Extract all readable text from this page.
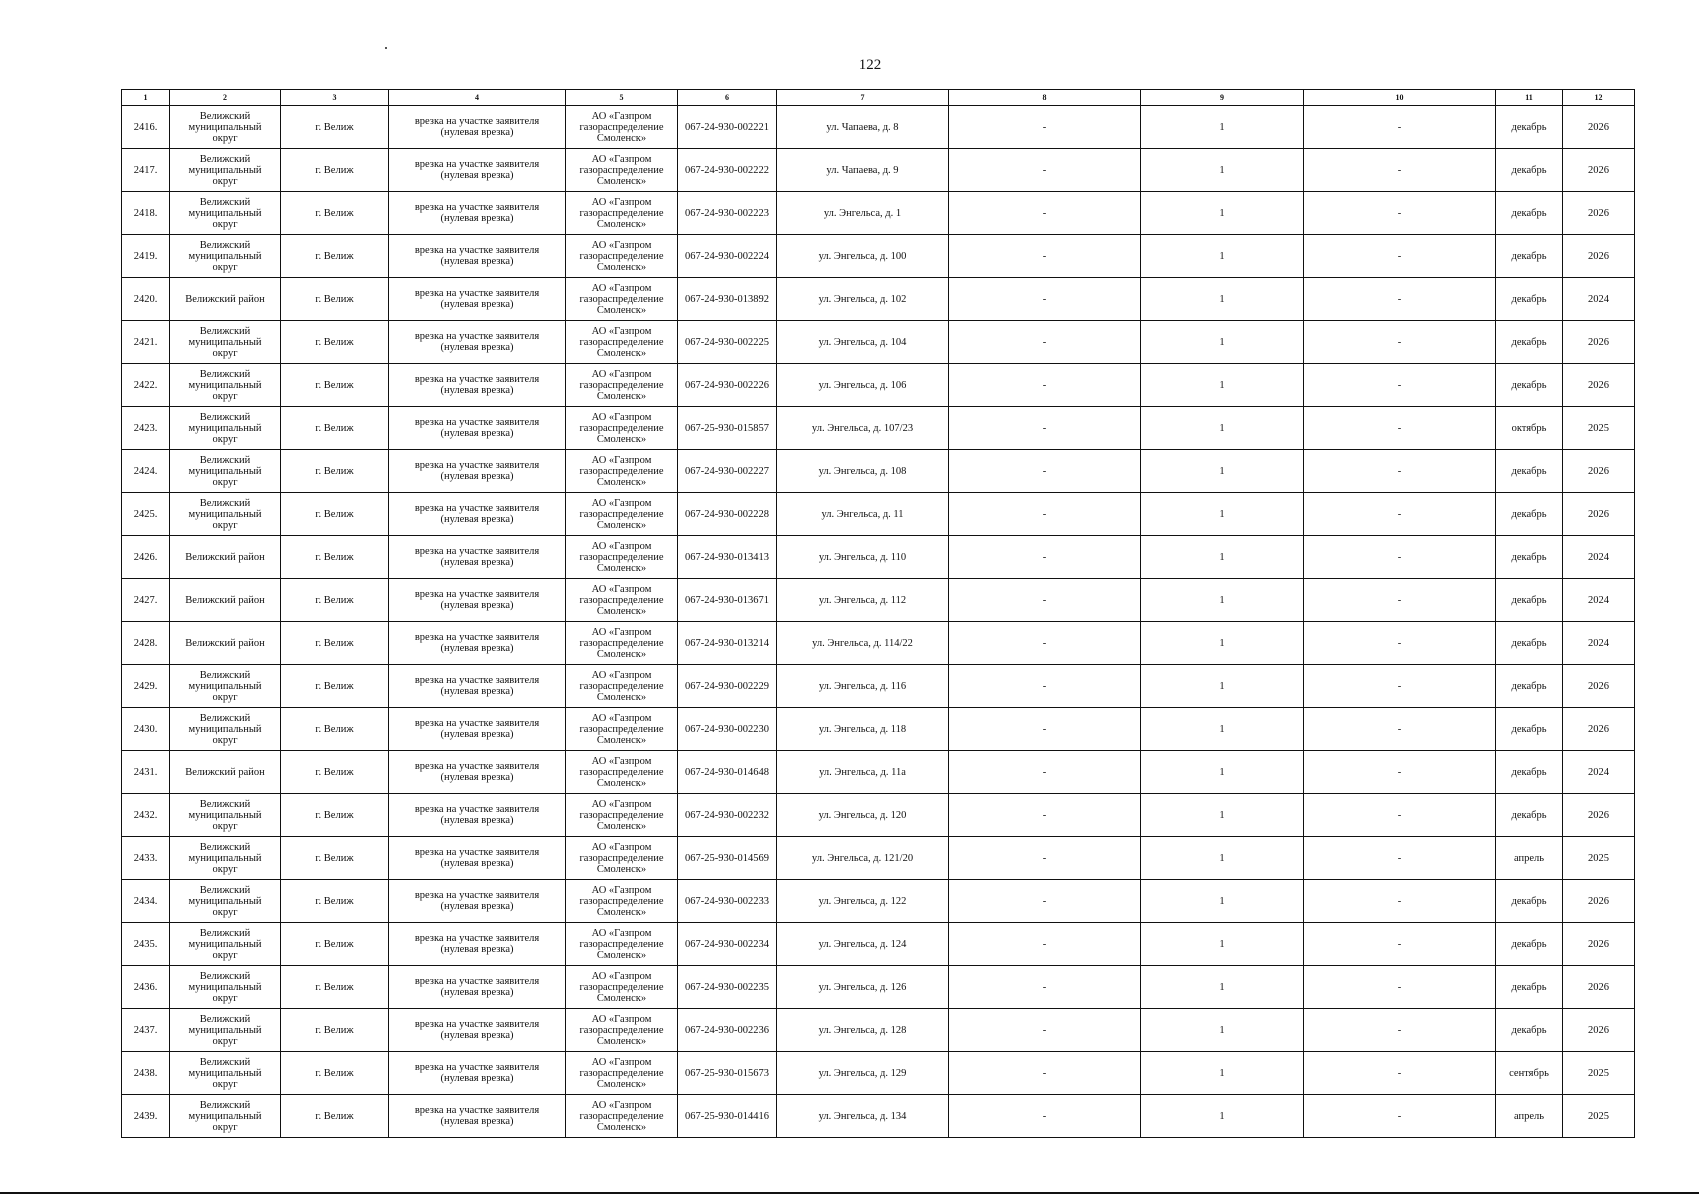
122
1	2	3	4	5	6	7	8	9	10	11	12
2416.	Велижский
муниципальный
округ	г. Велиж	врезка на участке заявителя
(нулевая врезка)	АО «Газпром
газораспределение
Смоленск»	067-24-930-002221	ул. Чапаева, д. 8	-	1	-	декабрь	2026
2417.	Велижский
муниципальный
округ	г. Велиж	врезка на участке заявителя
(нулевая врезка)	АО «Газпром
газораспределение
Смоленск»	067-24-930-002222	ул. Чапаева, д. 9	-	1	-	декабрь	2026
2418.	Велижский
муниципальный
округ	г. Велиж	врезка на участке заявителя
(нулевая врезка)	АО «Газпром
газораспределение
Смоленск»	067-24-930-002223	ул. Энгельса, д. 1	-	1	-	декабрь	2026
2419.	Велижский
муниципальный
округ	г. Велиж	врезка на участке заявителя
(нулевая врезка)	АО «Газпром
газораспределение
Смоленск»	067-24-930-002224	ул. Энгельса, д. 100	-	1	-	декабрь	2026
2420.	Велижский район	г. Велиж	врезка на участке заявителя
(нулевая врезка)	АО «Газпром
газораспределение
Смоленск»	067-24-930-013892	ул. Энгельса, д. 102	-	1	-	декабрь	2024
2421.	Велижский
муниципальный
округ	г. Велиж	врезка на участке заявителя
(нулевая врезка)	АО «Газпром
газораспределение
Смоленск»	067-24-930-002225	ул. Энгельса, д. 104	-	1	-	декабрь	2026
2422.	Велижский
муниципальный
округ	г. Велиж	врезка на участке заявителя
(нулевая врезка)	АО «Газпром
газораспределение
Смоленск»	067-24-930-002226	ул. Энгельса, д. 106	-	1	-	декабрь	2026
2423.	Велижский
муниципальный
округ	г. Велиж	врезка на участке заявителя
(нулевая врезка)	АО «Газпром
газораспределение
Смоленск»	067-25-930-015857	ул. Энгельса, д. 107/23	-	1	-	октябрь	2025
2424.	Велижский
муниципальный
округ	г. Велиж	врезка на участке заявителя
(нулевая врезка)	АО «Газпром
газораспределение
Смоленск»	067-24-930-002227	ул. Энгельса, д. 108	-	1	-	декабрь	2026
2425.	Велижский
муниципальный
округ	г. Велиж	врезка на участке заявителя
(нулевая врезка)	АО «Газпром
газораспределение
Смоленск»	067-24-930-002228	ул. Энгельса, д. 11	-	1	-	декабрь	2026
2426.	Велижский район	г. Велиж	врезка на участке заявителя
(нулевая врезка)	АО «Газпром
газораспределение
Смоленск»	067-24-930-013413	ул. Энгельса, д. 110	-	1	-	декабрь	2024
2427.	Велижский район	г. Велиж	врезка на участке заявителя
(нулевая врезка)	АО «Газпром
газораспределение
Смоленск»	067-24-930-013671	ул. Энгельса, д. 112	-	1	-	декабрь	2024
2428.	Велижский район	г. Велиж	врезка на участке заявителя
(нулевая врезка)	АО «Газпром
газораспределение
Смоленск»	067-24-930-013214	ул. Энгельса, д. 114/22	-	1	-	декабрь	2024
2429.	Велижский
муниципальный
округ	г. Велиж	врезка на участке заявителя
(нулевая врезка)	АО «Газпром
газораспределение
Смоленск»	067-24-930-002229	ул. Энгельса, д. 116	-	1	-	декабрь	2026
2430.	Велижский
муниципальный
округ	г. Велиж	врезка на участке заявителя
(нулевая врезка)	АО «Газпром
газораспределение
Смоленск»	067-24-930-002230	ул. Энгельса, д. 118	-	1	-	декабрь	2026
2431.	Велижский район	г. Велиж	врезка на участке заявителя
(нулевая врезка)	АО «Газпром
газораспределение
Смоленск»	067-24-930-014648	ул. Энгельса, д. 11а	-	1	-	декабрь	2024
2432.	Велижский
муниципальный
округ	г. Велиж	врезка на участке заявителя
(нулевая врезка)	АО «Газпром
газораспределение
Смоленск»	067-24-930-002232	ул. Энгельса, д. 120	-	1	-	декабрь	2026
2433.	Велижский
муниципальный
округ	г. Велиж	врезка на участке заявителя
(нулевая врезка)	АО «Газпром
газораспределение
Смоленск»	067-25-930-014569	ул. Энгельса, д. 121/20	-	1	-	апрель	2025
2434.	Велижский
муниципальный
округ	г. Велиж	врезка на участке заявителя
(нулевая врезка)	АО «Газпром
газораспределение
Смоленск»	067-24-930-002233	ул. Энгельса, д. 122	-	1	-	декабрь	2026
2435.	Велижский
муниципальный
округ	г. Велиж	врезка на участке заявителя
(нулевая врезка)	АО «Газпром
газораспределение
Смоленск»	067-24-930-002234	ул. Энгельса, д. 124	-	1	-	декабрь	2026
2436.	Велижский
муниципальный
округ	г. Велиж	врезка на участке заявителя
(нулевая врезка)	АО «Газпром
газораспределение
Смоленск»	067-24-930-002235	ул. Энгельса, д. 126	-	1	-	декабрь	2026
2437.	Велижский
муниципальный
округ	г. Велиж	врезка на участке заявителя
(нулевая врезка)	АО «Газпром
газораспределение
Смоленск»	067-24-930-002236	ул. Энгельса, д. 128	-	1	-	декабрь	2026
2438.	Велижский
муниципальный
округ	г. Велиж	врезка на участке заявителя
(нулевая врезка)	АО «Газпром
газораспределение
Смоленск»	067-25-930-015673	ул. Энгельса, д. 129	-	1	-	сентябрь	2025
2439.	Велижский
муниципальный
округ	г. Велиж	врезка на участке заявителя
(нулевая врезка)	АО «Газпром
газораспределение
Смоленск»	067-25-930-014416	ул. Энгельса, д. 134	-	1	-	апрель	2025
